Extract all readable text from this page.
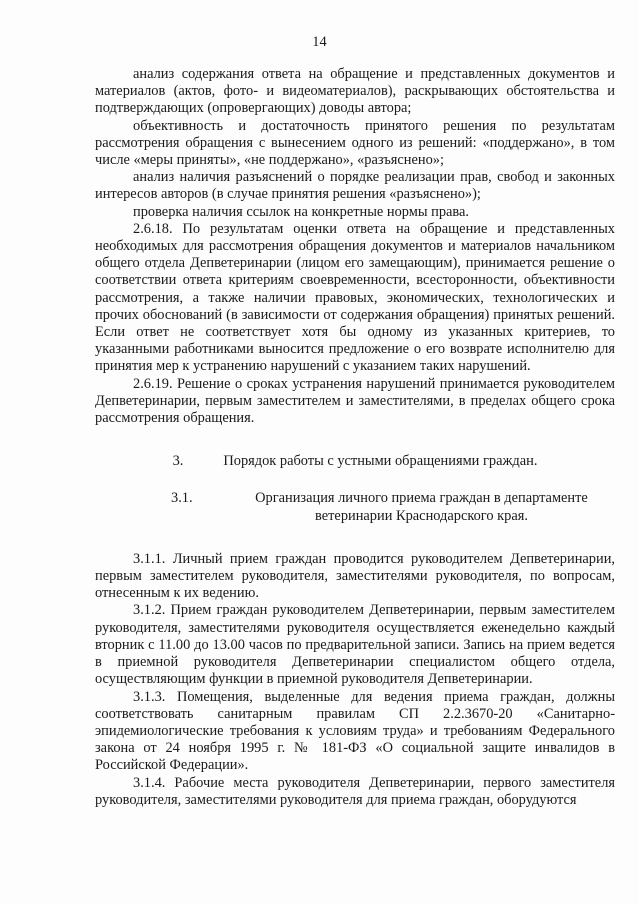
14

анализ содержания ответа на обращение и представленных документов и материалов (актов, фото- и видеоматериалов), раскрывающих обстоятельства и подтверждающих (опровергающих) доводы автора;

объективность и достаточность принятого решения по результатам рассмотрения обращения с вынесением одного из решений: «поддержано», в том числе «меры приняты», «не поддержано», «разъяснено»;

анализ наличия разъяснений о порядке реализации прав, свобод и законных интересов авторов (в случае принятия решения «разъяснено»);

проверка наличия ссылок на конкретные нормы права.

2.6.18. По результатам оценки ответа на обращение и представленных необходимых для рассмотрения обращения документов и материалов начальником общего отдела Депветеринарии (лицом его замещающим), принимается решение о соответствии ответа критериям своевременности, всесторонности, объективности рассмотрения, а также наличии правовых, экономических, технологических и прочих обоснований (в зависимости от содержания обращения) принятых решений. Если ответ не соответствует хотя бы одному из указанных критериев, то указанными работниками выносится предложение о его возврате исполнителю для принятия мер к устранению нарушений с указанием таких нарушений.

2.6.19. Решение о сроках устранения нарушений принимается руководителем Депветеринарии, первым заместителем и заместителями, в пределах общего срока рассмотрения обращения.

3.	Порядок работы с устными обращениями граждан.

3.1.	Организация личного приема граждан в департаменте ветеринарии Краснодарского края.

3.1.1. Личный прием граждан проводится руководителем Депветеринарии, первым заместителем руководителя, заместителями руководителя, по вопросам, отнесенным к их ведению.

3.1.2. Прием граждан руководителем Депветеринарии, первым заместителем руководителя, заместителями руководителя осуществляется еженедельно каждый вторник с 11.00 до 13.00 часов по предварительной записи. Запись на прием ведется в приемной руководителя Депветеринарии специалистом общего отдела, осуществляющим функции в приемной руководителя Депветеринарии.

3.1.3. Помещения, выделенные для ведения приема граждан, должны соответствовать санитарным правилам СП 2.2.3670-20 «Санитарно-эпидемиологические требования к условиям труда» и требованиям Федерального закона от 24 ноября 1995 г. № 181-ФЗ «О социальной защите инвалидов в Российской Федерации».

3.1.4. Рабочие места руководителя Депветеринарии, первого заместителя руководителя, заместителями руководителя для приема граждан, оборудуются
